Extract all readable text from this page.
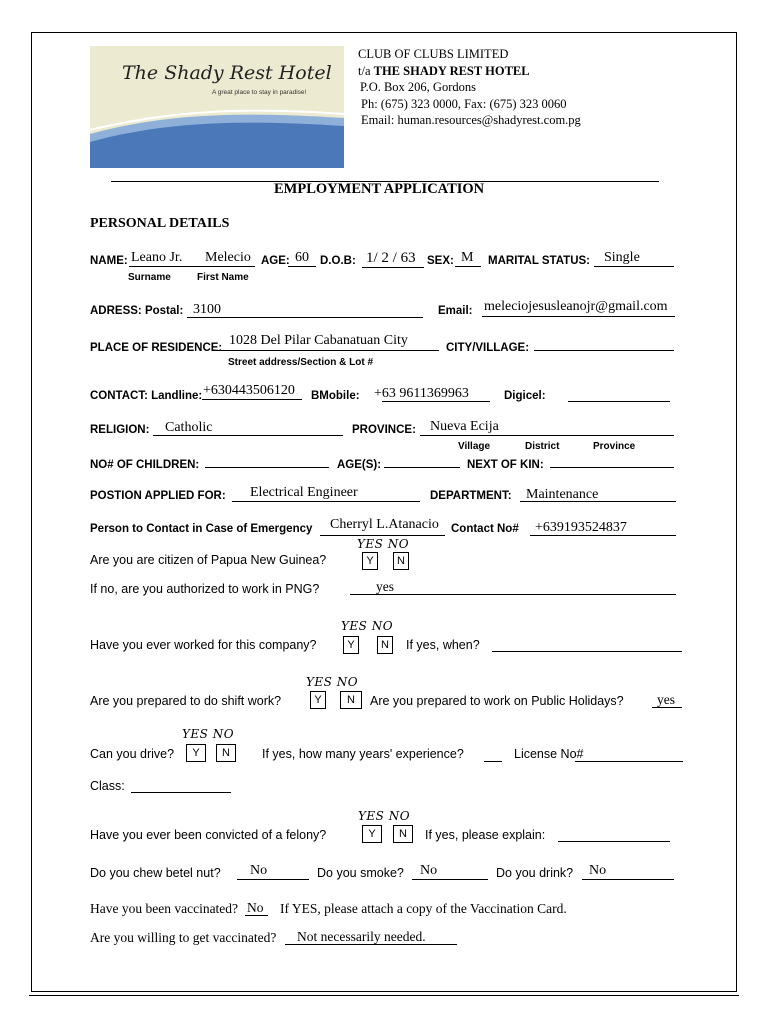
The Shady Rest Hotel
A great place to stay in paradise!
CLUB OF CLUBS LIMITED
t/a THE SHADY REST HOTEL
P.O. Box 206, Gordons
Ph: (675) 323 0000, Fax: (675) 323 0060
Email: human.resources@shadyrest.com.pg
EMPLOYMENT APPLICATION
PERSONAL DETAILS
NAME: Leano Jr. Melecio AGE: 60 D.O.B: 1/ 2 / 63 SEX: M MARITAL STATUS: Single
Surname	First Name
ADRESS: Postal: 3100	Email: meleciojesusleanojr@gmail.com
PLACE OF RESIDENCE: 1028 Del Pilar Cabanatuan City	CITY/VILLAGE:
Street address/Section & Lot #
CONTACT: Landline: +630443506120 BMobile: +63 9611369963	Digicel:
RELIGION: Catholic	PROVINCE: Nueva Ecija
Village	District	Province
NO# OF CHILDREN:	AGE(S):	NEXT OF KIN:
POSTION APPLIED FOR: Electrical Engineer	DEPARTMENT: Maintenance
Person to Contact in Case of Emergency Cherryl L.Atanacio Contact No# +639193524837
YES NO
Are you are citizen of Papua New Guinea?	Y	N
If no, are you authorized to work in PNG?	yes
YES NO
Have you ever worked for this company?	Y	N	If yes, when?
YES NO
Are you prepared to do shift work?	Y	N	Are you prepared to work on Public Holidays? yes
YES NO
Can you drive?	Y	N	If yes, how many years' experience?	License No#
Class:
YES NO
Have you ever been convicted of a felony?	Y	N	If yes, please explain:
Do you chew betel nut? No	Do you smoke? No	Do you drink? No
Have you been vaccinated? No If YES, please attach a copy of the Vaccination Card.
Are you willing to get vaccinated? Not necessarily needed.
